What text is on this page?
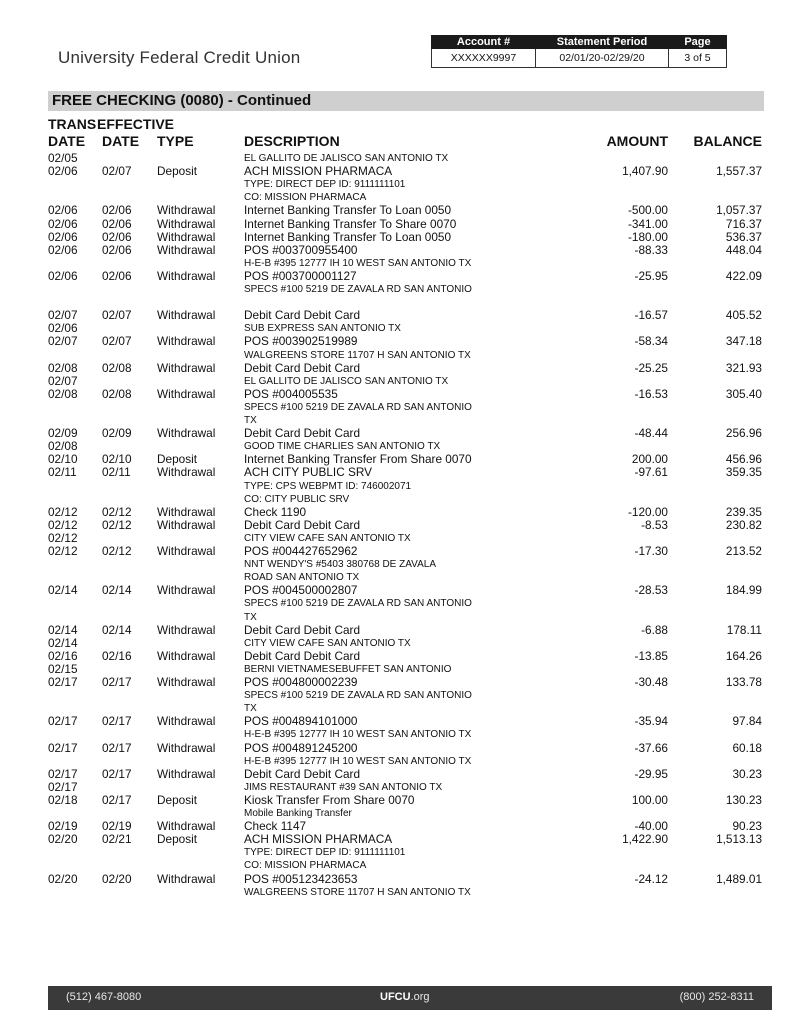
University Federal Credit Union
Account #	Statement Period	Page
XXXXXX9997	02/01/20-02/29/20	3 of 5
FREE CHECKING (0080) - Continued
TRANS EFFECTIVE
DATE DATE TYPE	DESCRIPTION	AMOUNT BALANCE
02/05	EL GALLITO DE JALISCO SAN ANTONIO TX
02/06 02/07 Deposit	ACH MISSION PHARMACA	1,407.90	1,557.37
TYPE: DIRECT DEP ID: 9111111101
CO: MISSION PHARMACA
02/06 02/06 Withdrawal Internet Banking Transfer To Loan 0050	-500.00	1,057.37
02/06 02/06 Withdrawal Internet Banking Transfer To Share 0070	-341.00	716.37
02/06 02/06 Withdrawal Internet Banking Transfer To Loan 0050	-180.00	536.37
02/06 02/06 Withdrawal POS #003700955400	-88.33	448.04
H-E-B #395 12777 IH 10 WEST SAN ANTONIO TX
02/06 02/06 Withdrawal POS #003700001127	-25.95	422.09
SPECS #100 5219 DE ZAVALA RD SAN ANTONIO
02/07 02/07 Withdrawal Debit Card Debit Card	-16.57	405.52
02/06	SUB EXPRESS SAN ANTONIO TX
02/07 02/07 Withdrawal POS #003902519989	-58.34	347.18
WALGREENS STORE 11707 H SAN ANTONIO TX
02/08 02/08 Withdrawal Debit Card Debit Card	-25.25	321.93
02/07	EL GALLITO DE JALISCO SAN ANTONIO TX
02/08 02/08 Withdrawal POS #004005535	-16.53	305.40
SPECS #100 5219 DE ZAVALA RD SAN ANTONIO
TX
02/09 02/09 Withdrawal Debit Card Debit Card	-48.44	256.96
02/08	GOOD TIME CHARLIES SAN ANTONIO TX
02/10 02/10 Deposit	Internet Banking Transfer From Share 0070	200.00	456.96
02/11 02/11 Withdrawal ACH CITY PUBLIC SRV	-97.61	359.35
TYPE: CPS WEBPMT ID: 746002071
CO: CITY PUBLIC SRV
02/12 02/12 Withdrawal Check 1190	-120.00	239.35
02/12 02/12 Withdrawal Debit Card Debit Card	-8.53	230.82
02/12	CITY VIEW CAFE SAN ANTONIO TX
02/12 02/12 Withdrawal POS #004427652962	-17.30	213.52
NNT WENDY'S #5403 380768 DE ZAVALA
ROAD SAN ANTONIO TX
02/14 02/14 Withdrawal POS #004500002807	-28.53	184.99
SPECS #100 5219 DE ZAVALA RD SAN ANTONIO
TX
02/14 02/14 Withdrawal Debit Card Debit Card	-6.88	178.11
02/14	CITY VIEW CAFE SAN ANTONIO TX
02/16 02/16 Withdrawal Debit Card Debit Card	-13.85	164.26
02/15	BERNI VIETNAMESEBUFFET SAN ANTONIO
02/17 02/17 Withdrawal POS #004800002239	-30.48	133.78
SPECS #100 5219 DE ZAVALA RD SAN ANTONIO
TX
02/17 02/17 Withdrawal POS #004894101000	-35.94	97.84
H-E-B #395 12777 IH 10 WEST SAN ANTONIO TX
02/17 02/17 Withdrawal POS #004891245200	-37.66	60.18
H-E-B #395 12777 IH 10 WEST SAN ANTONIO TX
02/17 02/17 Withdrawal Debit Card Debit Card	-29.95	30.23
02/17	JIMS RESTAURANT #39 SAN ANTONIO TX
02/18 02/17 Deposit	Kiosk Transfer From Share 0070	100.00	130.23
Mobile Banking Transfer
02/19 02/19 Withdrawal Check 1147	-40.00	90.23
02/20 02/21 Deposit	ACH MISSION PHARMACA	1,422.90	1,513.13
TYPE: DIRECT DEP ID: 9111111101
CO: MISSION PHARMACA
02/20 02/20 Withdrawal POS #005123423653	-24.12	1,489.01
WALGREENS STORE 11707 H SAN ANTONIO TX
(512) 467-8080	UFCU.org	(800) 252-8311
